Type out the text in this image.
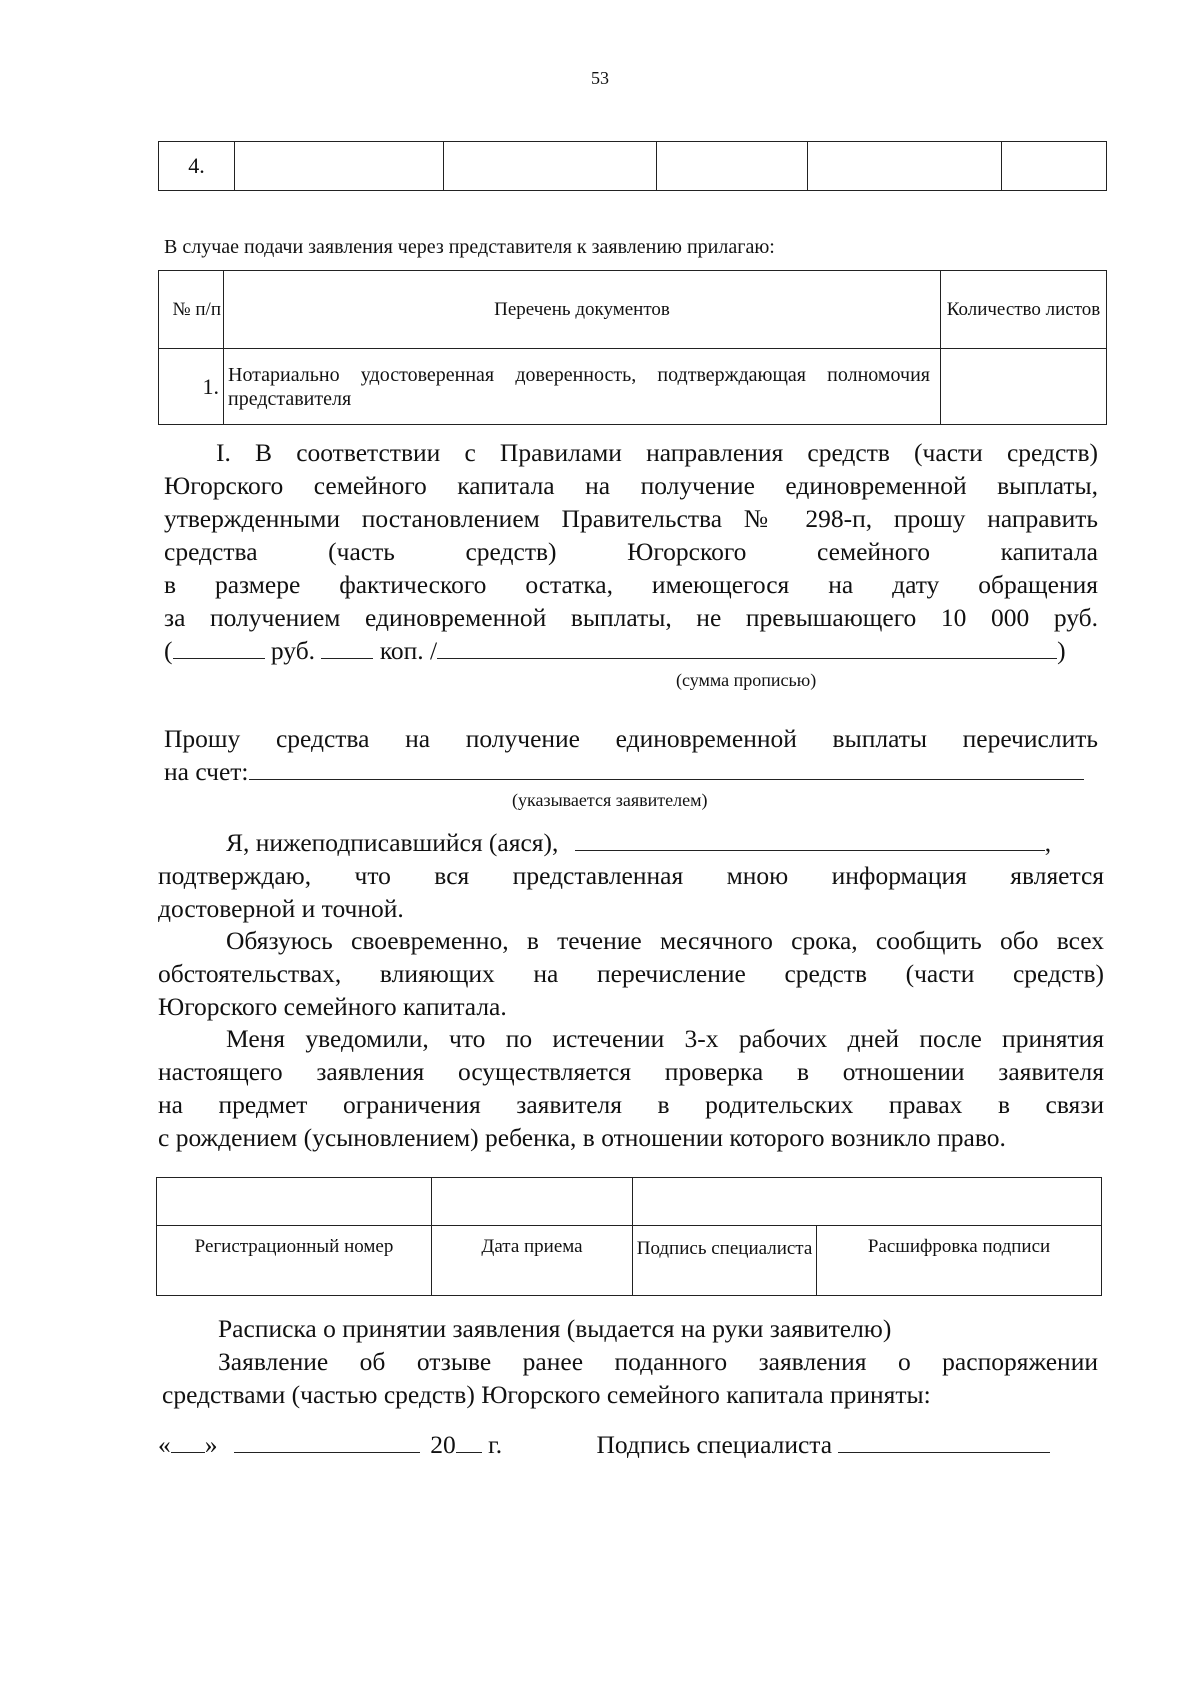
53
4.					
В случае подачи заявления через представителя к заявлению прилагаю:
№ п/п	Перечень документов	Количество листов
1.	Нотариально удостоверенная доверенность, подтверждающая полномочия представителя	
I. В соответствии с Правилами направления средств (части средств)
Югорского семейного капитала на получение единовременной выплаты,
утвержденными постановлением Правительства № 298-п, прошу направить
средства (часть средств) Югорского семейного капитала
в размере фактического остатка, имеющегося на дату обращения
за получением единовременной выплаты, не превышающего 10 000 руб.
(	руб.	коп. /	)
(сумма прописью)
Прошу средства на получение единовременной выплаты перечислить
на счет:
(указывается заявителем)
Я, нижеподписавшийся (аяся),	,
подтверждаю, что вся представленная мною информация является
достоверной и точной.
Обязуюсь своевременно, в течение месячного срока, сообщить обо всех
обстоятельствах, влияющих на перечисление средств (части средств)
Югорского семейного капитала.
Меня уведомили, что по истечении 3-х рабочих дней после принятия
настоящего заявления осуществляется проверка в отношении заявителя
на предмет ограничения заявителя в родительских правах в связи
с рождением (усыновлением) ребенка, в отношении которого возникло право.

Регистрационный номер	Дата приема	Подпись специалиста	Расшифровка подписи
Расписка о принятии заявления (выдается на руки заявителю)
Заявление об отзыве ранее поданного заявления о распоряжении
средствами (частью средств) Югорского семейного капитала приняты:
« »	20 г.	Подпись специалиста
